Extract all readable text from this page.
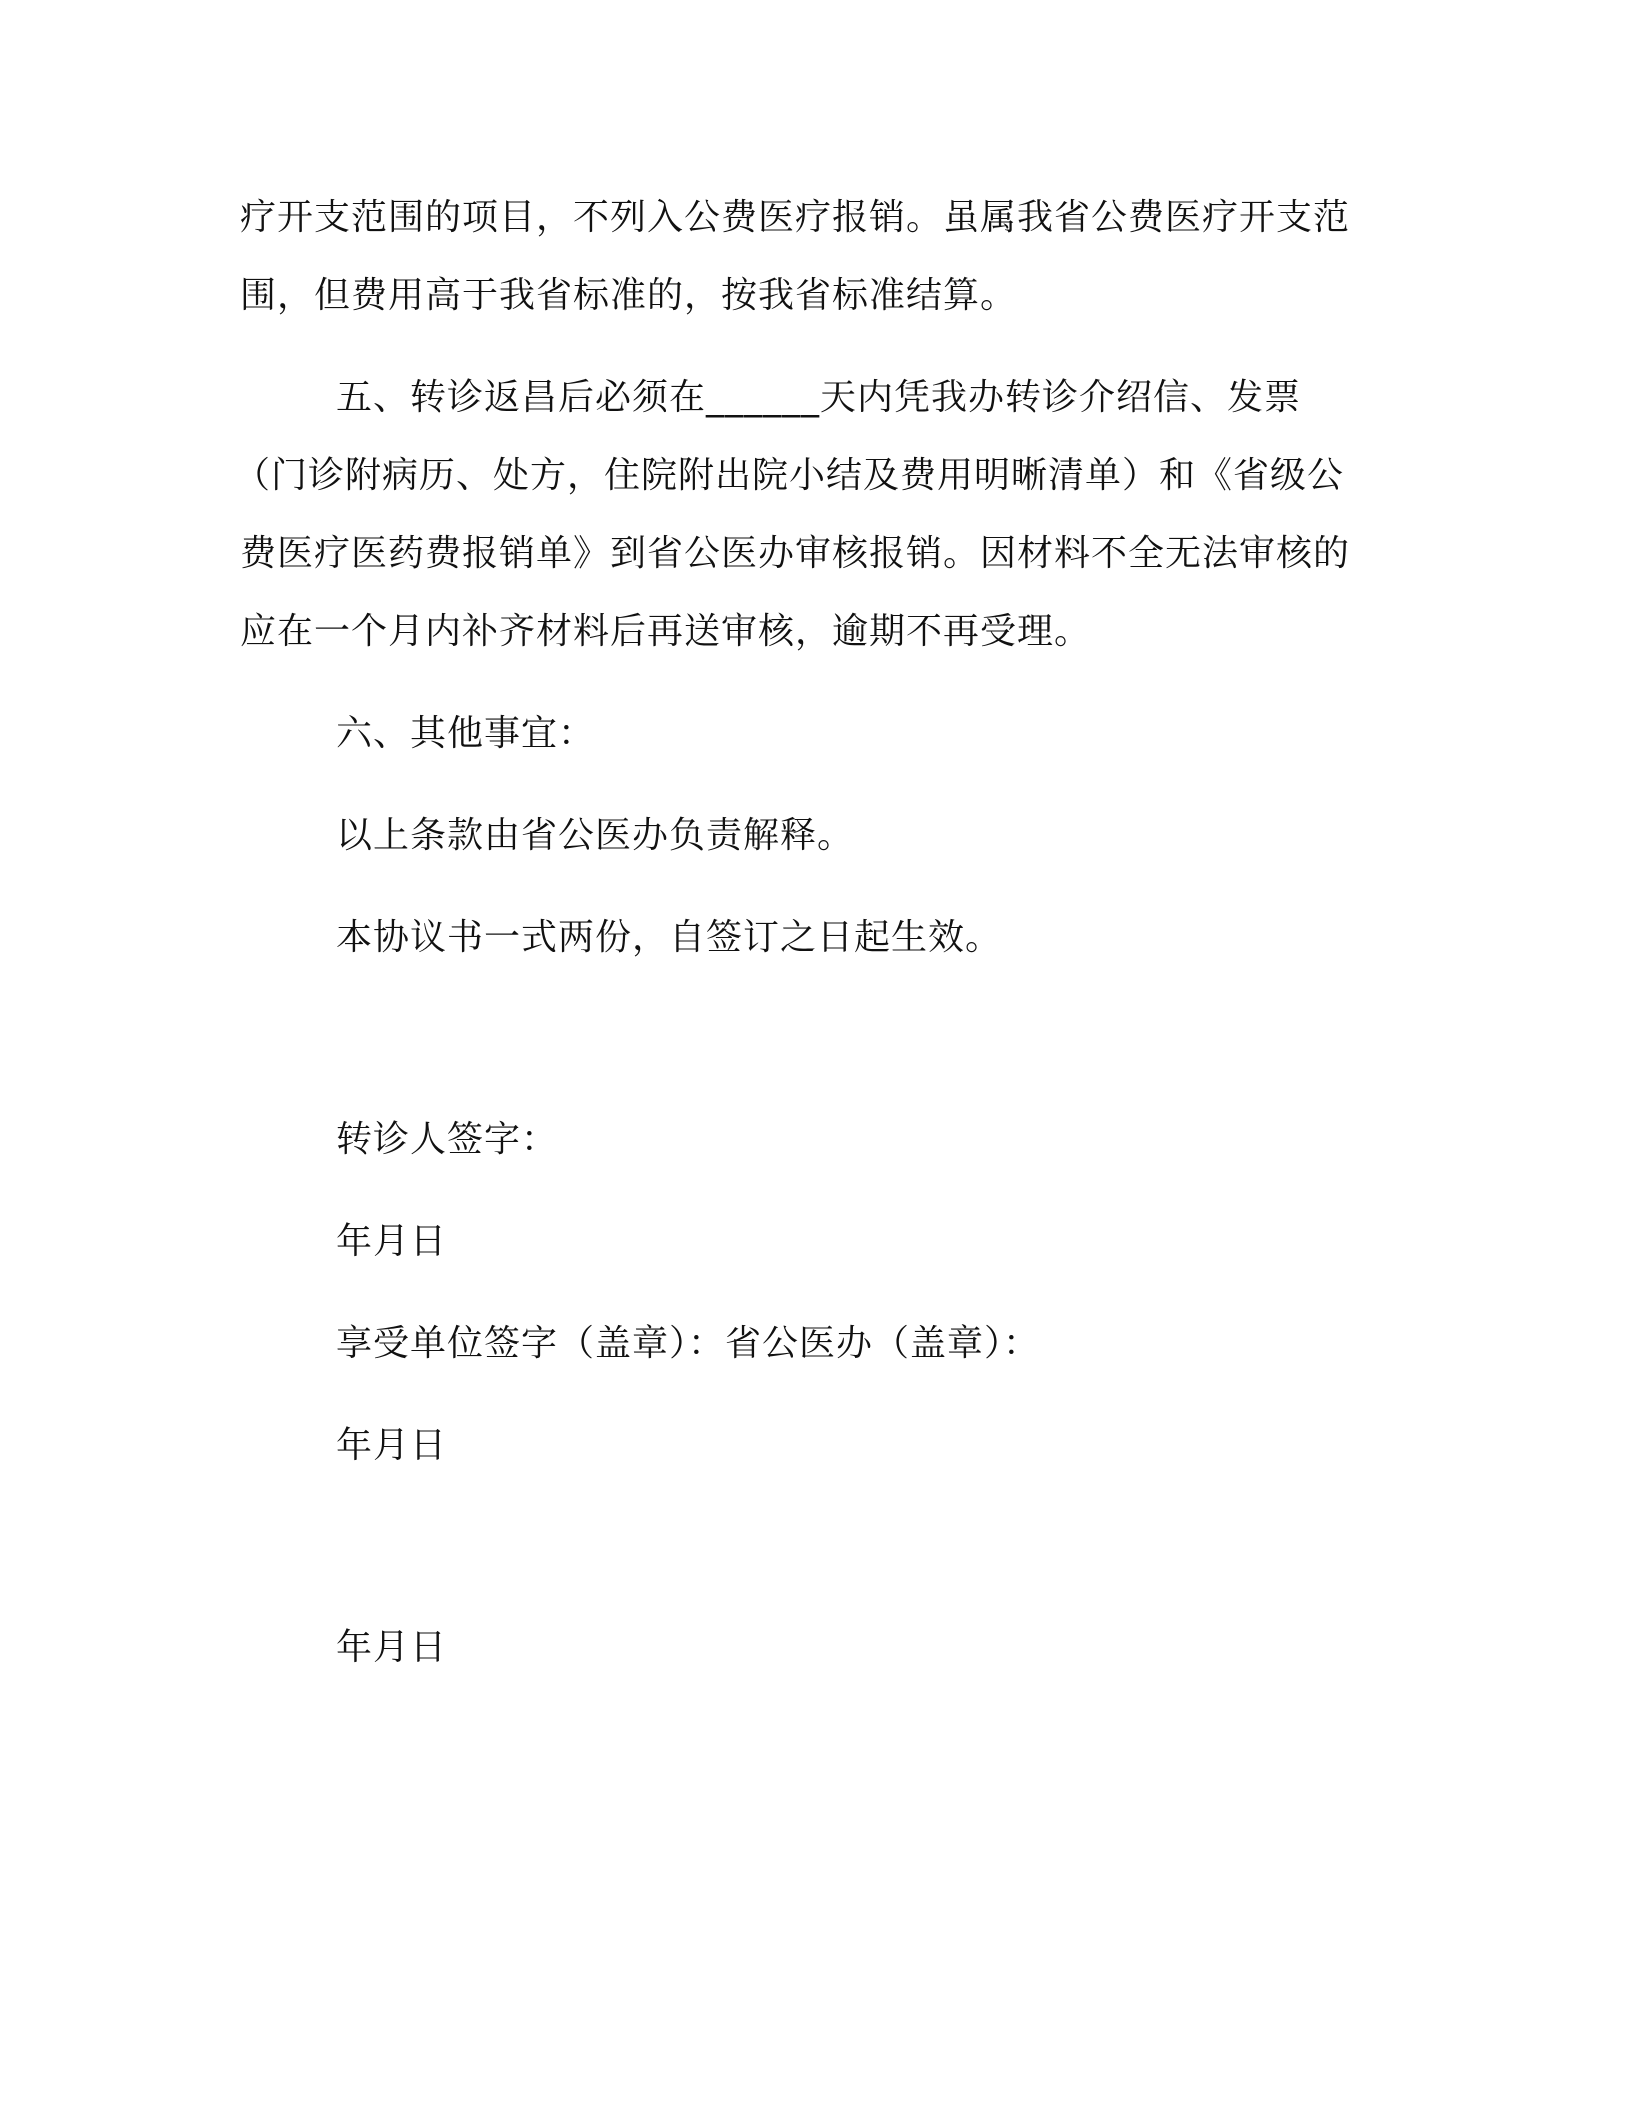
疗开支范围的项目，不列入公费医疗报销。虽属我省公费医疗开支范
围，但费用高于我省标准的，按我省标准结算。
五、转诊返昌后必须在______天内凭我办转诊介绍信、发票
（门诊附病历、处方，住院附出院小结及费用明晰清单）和《省级公
费医疗医药费报销单》到省公医办审核报销。因材料不全无法审核的
应在一个月内补齐材料后再送审核，逾期不再受理。
六、其他事宜：
以上条款由省公医办负责解释。
本协议书一式两份，自签订之日起生效。
转诊人签字：
年月日
享受单位签字（盖章）：省公医办（盖章）：
年月日
年月日
